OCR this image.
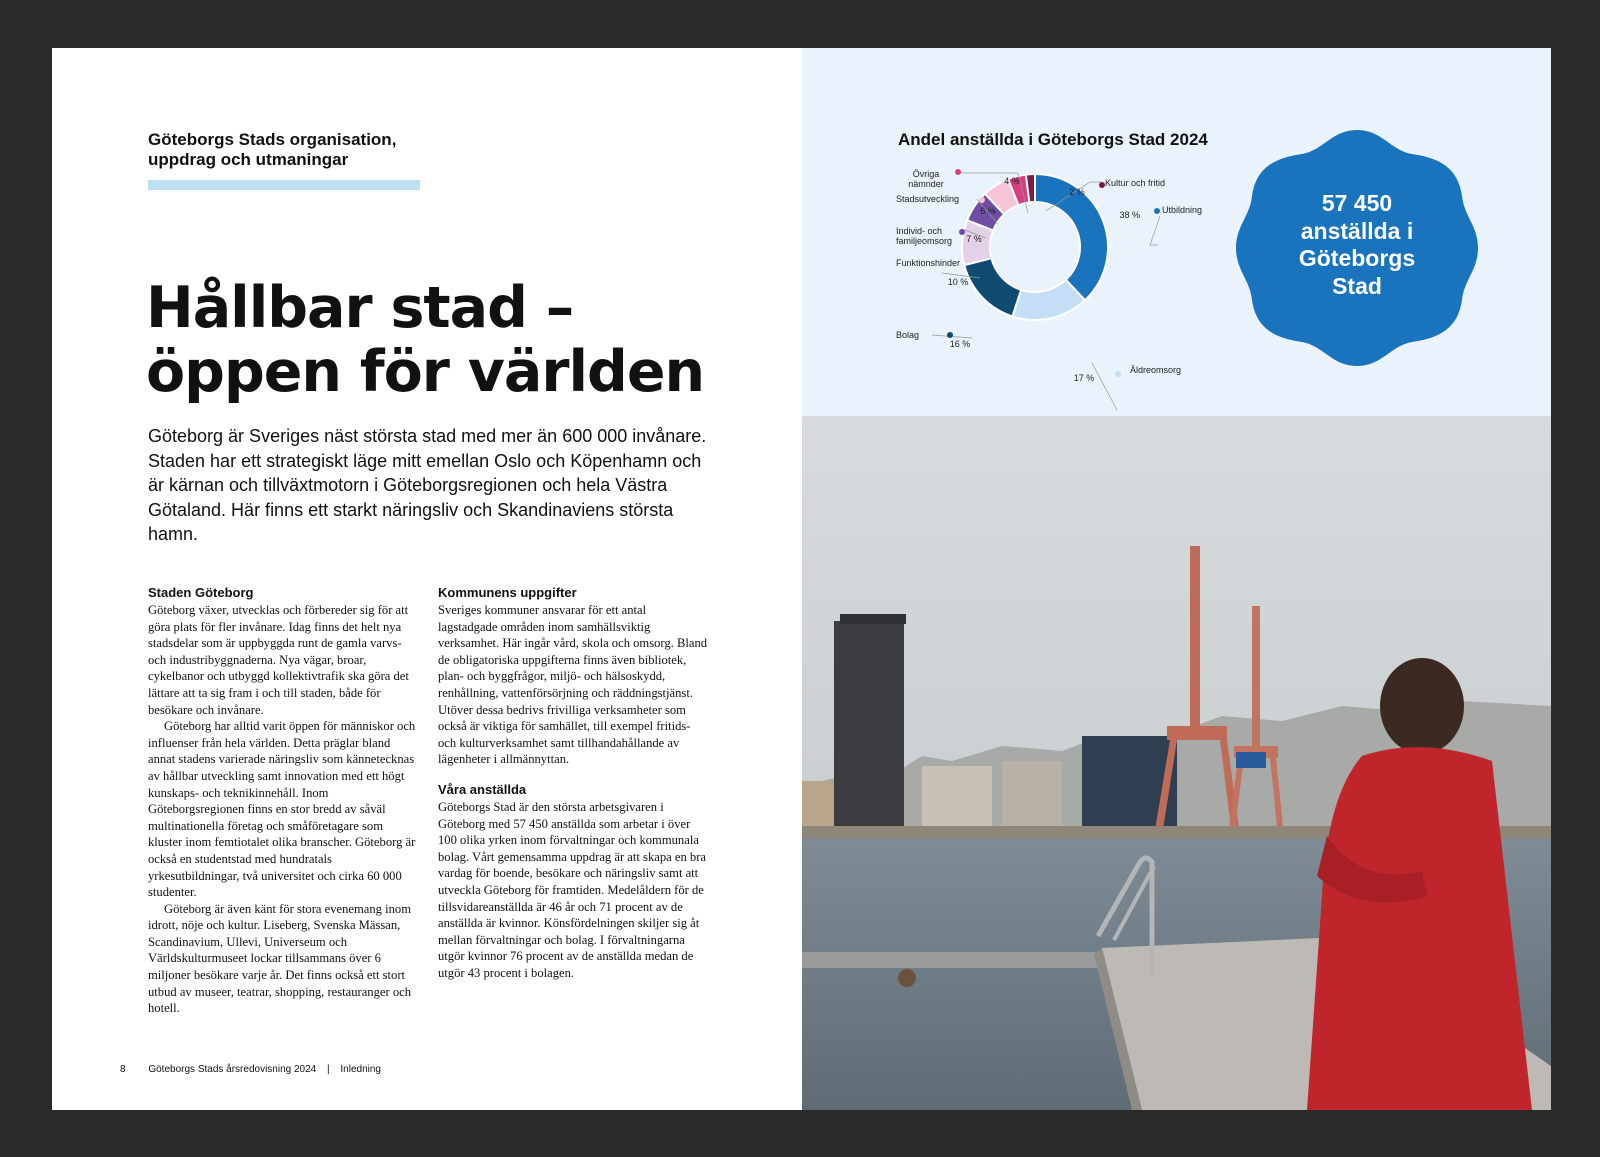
Göteborgs Stads organisation, uppdrag och utmaningar
Hållbar stad –
öppen för världen
Göteborg är Sveriges näst största stad med mer än 600 000 invånare. Staden har ett strategiskt läge mitt emellan Oslo och Köpenhamn och är kärnan och tillväxtmotorn i Göteborgsregionen och hela Västra Götaland. Här finns ett starkt näringsliv och Skandinaviens största hamn.
Staden Göteborg

Göteborg växer, utvecklas och förbereder sig för att göra plats för fler invånare. Idag finns det helt nya stadsdelar som är uppbyggda runt de gamla varvs- och industribyggnaderna. Nya vägar, broar, cykelbanor och utbyggd kollektivtrafik ska göra det lättare att ta sig fram i och till staden, både för besökare och invånare.

Göteborg har alltid varit öppen för människor och influenser från hela världen. Detta präglar bland annat stadens varierade näringsliv som kännetecknas av hållbar utveckling samt innovation med ett högt kunskaps- och teknikinnehåll. Inom Göteborgsregionen finns en stor bredd av såväl multinationella företag och småföretagare som kluster inom femtiotalet olika branscher. Göteborg är också en studentstad med hundratals yrkesutbildningar, två universitet och cirka 60 000 studenter.

Göteborg är även känt för stora evenemang inom idrott, nöje och kultur. Liseberg, Svenska Mässan, Scandinavium, Ullevi, Universeum och Världskulturmuseet lockar tillsammans över 6 miljoner besökare varje år. Det finns också ett stort utbud av museer, teatrar, shopping, restauranger och hotell.

Kommunens uppgifter

Sveriges kommuner ansvarar för ett antal lagstadgade områden inom samhällsviktig verksamhet. Här ingår vård, skola och omsorg. Bland de obligatoriska uppgifterna finns även bibliotek, plan- och byggfrågor, miljö- och hälsoskydd, renhållning, vattenförsörjning och räddningstjänst. Utöver dessa bedrivs frivilliga verksamheter som också är viktiga för samhället, till exempel fritids- och kulturverksamhet samt tillhandahållande av lägenheter i allmännyttan.

Våra anställda

Göteborgs Stad är den största arbetsgivaren i Göteborg med 57 450 anställda som arbetar i över 100 olika yrken inom förvaltningar och kommunala bolag. Vårt gemensamma uppdrag är att skapa en bra vardag för boende, besökare och näringsliv samt att utveckla Göteborg för framtiden. Medelåldern för de tillsvidareanställda är 46 år och 71 procent av de anställda är kvinnor. Könsfördelningen skiljer sig åt mellan förvaltningar och bolag. I förvaltningarna utgör kvinnor 76 procent av de anställda medan de utgör 43 procent i bolagen.

8 Göteborgs Stads årsredovisning 2024 | Inledning
Andel anställda i Göteborgs Stad 2024
Utbildning
38 %
Äldreomsorg
17 %
Bolag
16 %
Funktionshinder
10 %
Individ- och
familjeomsorg 7 %
Stadsutveckling
6 %
Övriga
nämnder	4 %	Kultur och fritid
2 %	57 450
anställda i
Göteborgs
Stad
